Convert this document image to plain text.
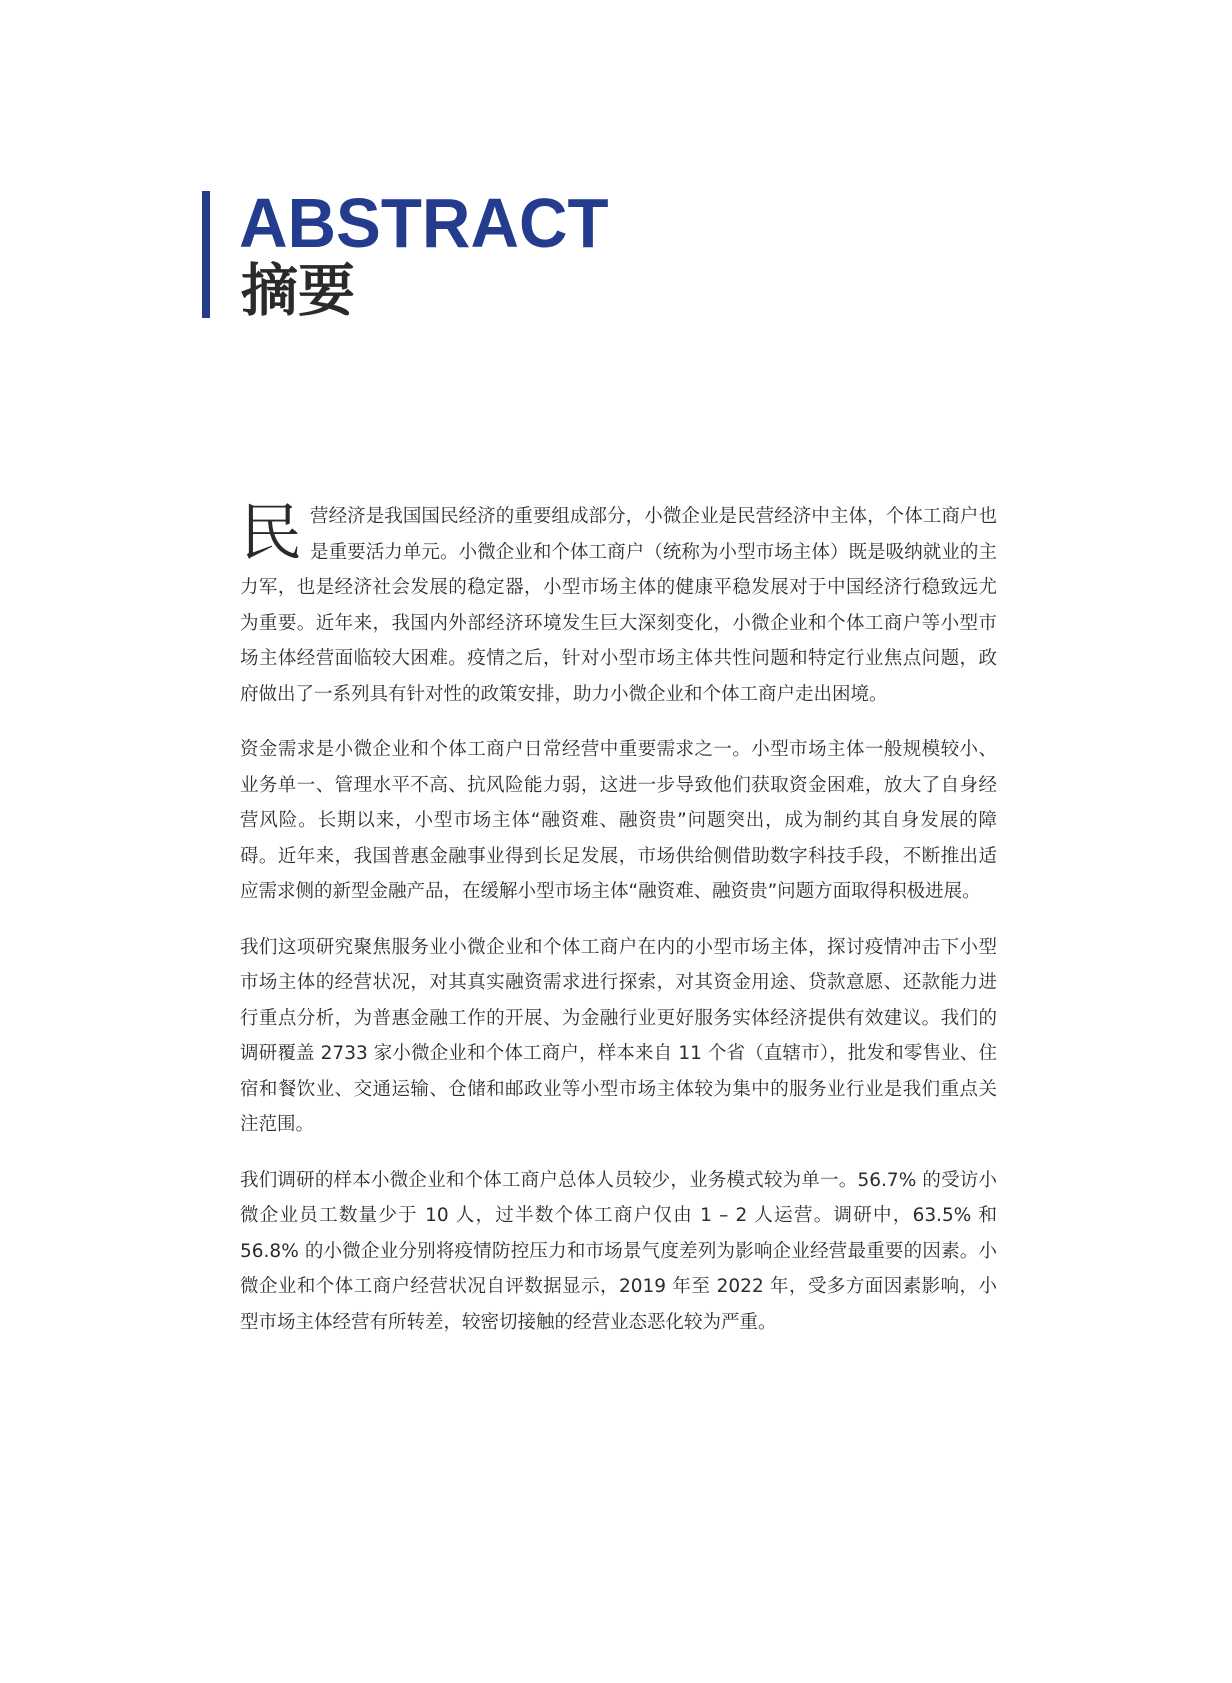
ABSTRACT
摘要

民营经济是我国国民经济的重要组成部分，小微企业是民营经济中主体，个体工商户也是重要活力单元。小微企业和个体工商户（统称为小型市场主体）既是吸纳就业的主力军，也是经济社会发展的稳定器，小型市场主体的健康平稳发展对于中国经济行稳致远尤为重要。近年来，我国内外部经济环境发生巨大深刻变化，小微企业和个体工商户等小型市场主体经营面临较大困难。疫情之后，针对小型市场主体共性问题和特定行业焦点问题，政府做出了一系列具有针对性的政策安排，助力小微企业和个体工商户走出困境。

资金需求是小微企业和个体工商户日常经营中重要需求之一。小型市场主体一般规模较小、业务单一、管理水平不高、抗风险能力弱，这进一步导致他们获取资金困难，放大了自身经营风险。长期以来，小型市场主体“融资难、融资贵”问题突出，成为制约其自身发展的障碍。近年来，我国普惠金融事业得到长足发展，市场供给侧借助数字科技手段，不断推出适应需求侧的新型金融产品，在缓解小型市场主体“融资难、融资贵”问题方面取得积极进展。

我们这项研究聚焦服务业小微企业和个体工商户在内的小型市场主体，探讨疫情冲击下小型市场主体的经营状况，对其真实融资需求进行探索，对其资金用途、贷款意愿、还款能力进行重点分析，为普惠金融工作的开展、为金融行业更好服务实体经济提供有效建议。我们的调研覆盖 2733 家小微企业和个体工商户，样本来自 11 个省（直辖市），批发和零售业、住宿和餐饮业、交通运输、仓储和邮政业等小型市场主体较为集中的服务业行业是我们重点关注范围。

我们调研的样本小微企业和个体工商户总体人员较少，业务模式较为单一。56.7% 的受访小微企业员工数量少于 10 人，过半数个体工商户仅由 1 – 2 人运营。调研中，63.5% 和 56.8% 的小微企业分别将疫情防控压力和市场景气度差列为影响企业经营最重要的因素。小微企业和个体工商户经营状况自评数据显示，2019 年至 2022 年，受多方面因素影响，小型市场主体经营有所转差，较密切接触的经营业态恶化较为严重。
